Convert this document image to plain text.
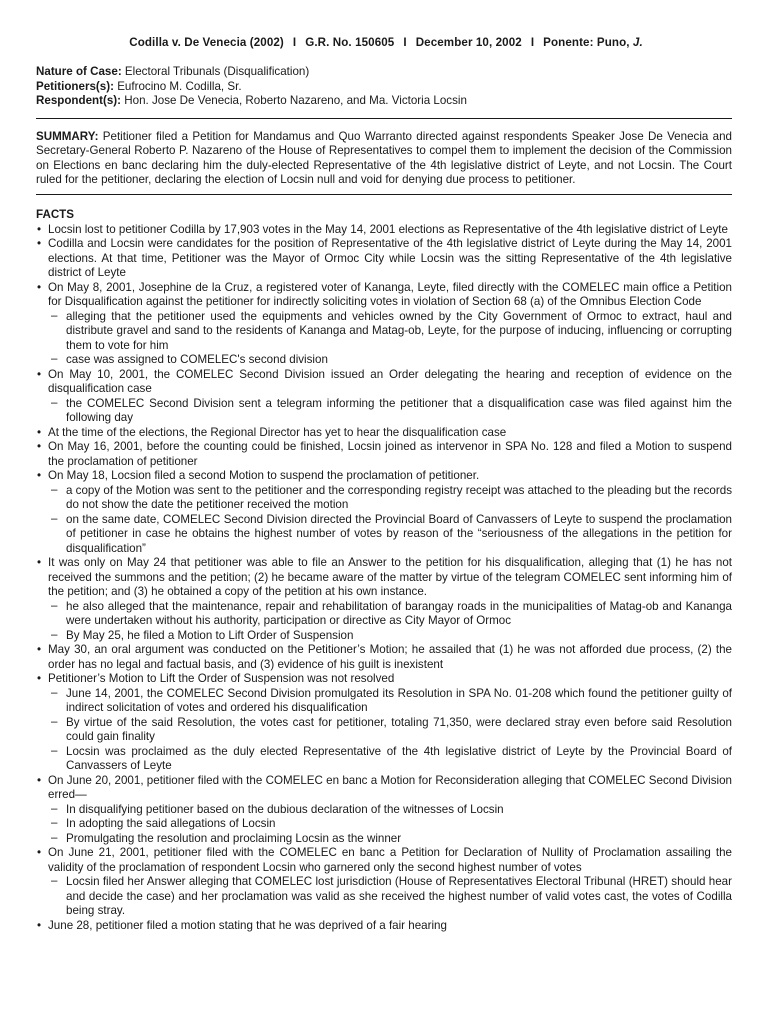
Codilla v. De Venecia (2002) I G.R. No. 150605 I December 10, 2002 I Ponente: Puno, J.
Nature of Case: Electoral Tribunals (Disqualification)
Petitioners(s): Eufrocino M. Codilla, Sr.
Respondent(s): Hon. Jose De Venecia, Roberto Nazareno, and Ma. Victoria Locsin
SUMMARY: Petitioner filed a Petition for Mandamus and Quo Warranto directed against respondents Speaker Jose De Venecia and Secretary-General Roberto P. Nazareno of the House of Representatives to compel them to implement the decision of the Commission on Elections en banc declaring him the duly-elected Representative of the 4th legislative district of Leyte, and not Locsin. The Court ruled for the petitioner, declaring the election of Locsin null and void for denying due process to petitioner.
FACTS
• Locsin lost to petitioner Codilla by 17,903 votes in the May 14, 2001 elections as Representative of the 4th legislative district of Leyte
• Codilla and Locsin were candidates for the position of Representative of the 4th legislative district of Leyte during the May 14, 2001 elections. At that time, Petitioner was the Mayor of Ormoc City while Locsin was the sitting Representative of the 4th legislative district of Leyte
• On May 8, 2001, Josephine de la Cruz, a registered voter of Kananga, Leyte, filed directly with the COMELEC main office a Petition for Disqualification against the petitioner for indirectly soliciting votes in violation of Section 68 (a) of the Omnibus Election Code
– alleging that the petitioner used the equipments and vehicles owned by the City Government of Ormoc to extract, haul and distribute gravel and sand to the residents of Kananga and Matag-ob, Leyte, for the purpose of inducing, influencing or corrupting them to vote for him
– case was assigned to COMELEC's second division
• On May 10, 2001, the COMELEC Second Division issued an Order delegating the hearing and reception of evidence on the disqualification case
– the COMELEC Second Division sent a telegram informing the petitioner that a disqualification case was filed against him the following day
• At the time of the elections, the Regional Director has yet to hear the disqualification case
• On May 16, 2001, before the counting could be finished, Locsin joined as intervenor in SPA No. 128 and filed a Motion to suspend the proclamation of petitioner
• On May 18, Locsion filed a second Motion to suspend the proclamation of petitioner.
– a copy of the Motion was sent to the petitioner and the corresponding registry receipt was attached to the pleading but the records do not show the date the petitioner received the motion
– on the same date, COMELEC Second Division directed the Provincial Board of Canvassers of Leyte to suspend the proclamation of petitioner in case he obtains the highest number of votes by reason of the “seriousness of the allegations in the petition for disqualification”
• It was only on May 24 that petitioner was able to file an Answer to the petition for his disqualification, alleging that (1) he has not received the summons and the petition; (2) he became aware of the matter by virtue of the telegram COMELEC sent informing him of the petition; and (3) he obtained a copy of the petition at his own instance.
– he also alleged that the maintenance, repair and rehabilitation of barangay roads in the municipalities of Matag-ob and Kananga were undertaken without his authority, participation or directive as City Mayor of Ormoc
– By May 25, he filed a Motion to Lift Order of Suspension
• May 30, an oral argument was conducted on the Petitioner’s Motion; he assailed that (1) he was not afforded due process, (2) the order has no legal and factual basis, and (3) evidence of his guilt is inexistent
• Petitioner’s Motion to Lift the Order of Suspension was not resolved
– June 14, 2001, the COMELEC Second Division promulgated its Resolution in SPA No. 01-208 which found the petitioner guilty of indirect solicitation of votes and ordered his disqualification
– By virtue of the said Resolution, the votes cast for petitioner, totaling 71,350, were declared stray even before said Resolution could gain finality
– Locsin was proclaimed as the duly elected Representative of the 4th legislative district of Leyte by the Provincial Board of Canvassers of Leyte
• On June 20, 2001, petitioner filed with the COMELEC en banc a Motion for Reconsideration alleging that COMELEC Second Division erred—
– In disqualifying petitioner based on the dubious declaration of the witnesses of Locsin
– In adopting the said allegations of Locsin
– Promulgating the resolution and proclaiming Locsin as the winner
• On June 21, 2001, petitioner filed with the COMELEC en banc a Petition for Declaration of Nullity of Proclamation assailing the validity of the proclamation of respondent Locsin who garnered only the second highest number of votes
– Locsin filed her Answer alleging that COMELEC lost jurisdiction (House of Representatives Electoral Tribunal (HRET) should hear and decide the case) and her proclamation was valid as she received the highest number of valid votes cast, the votes of Codilla being stray.
• June 28, petitioner filed a motion stating that he was deprived of a fair hearing
